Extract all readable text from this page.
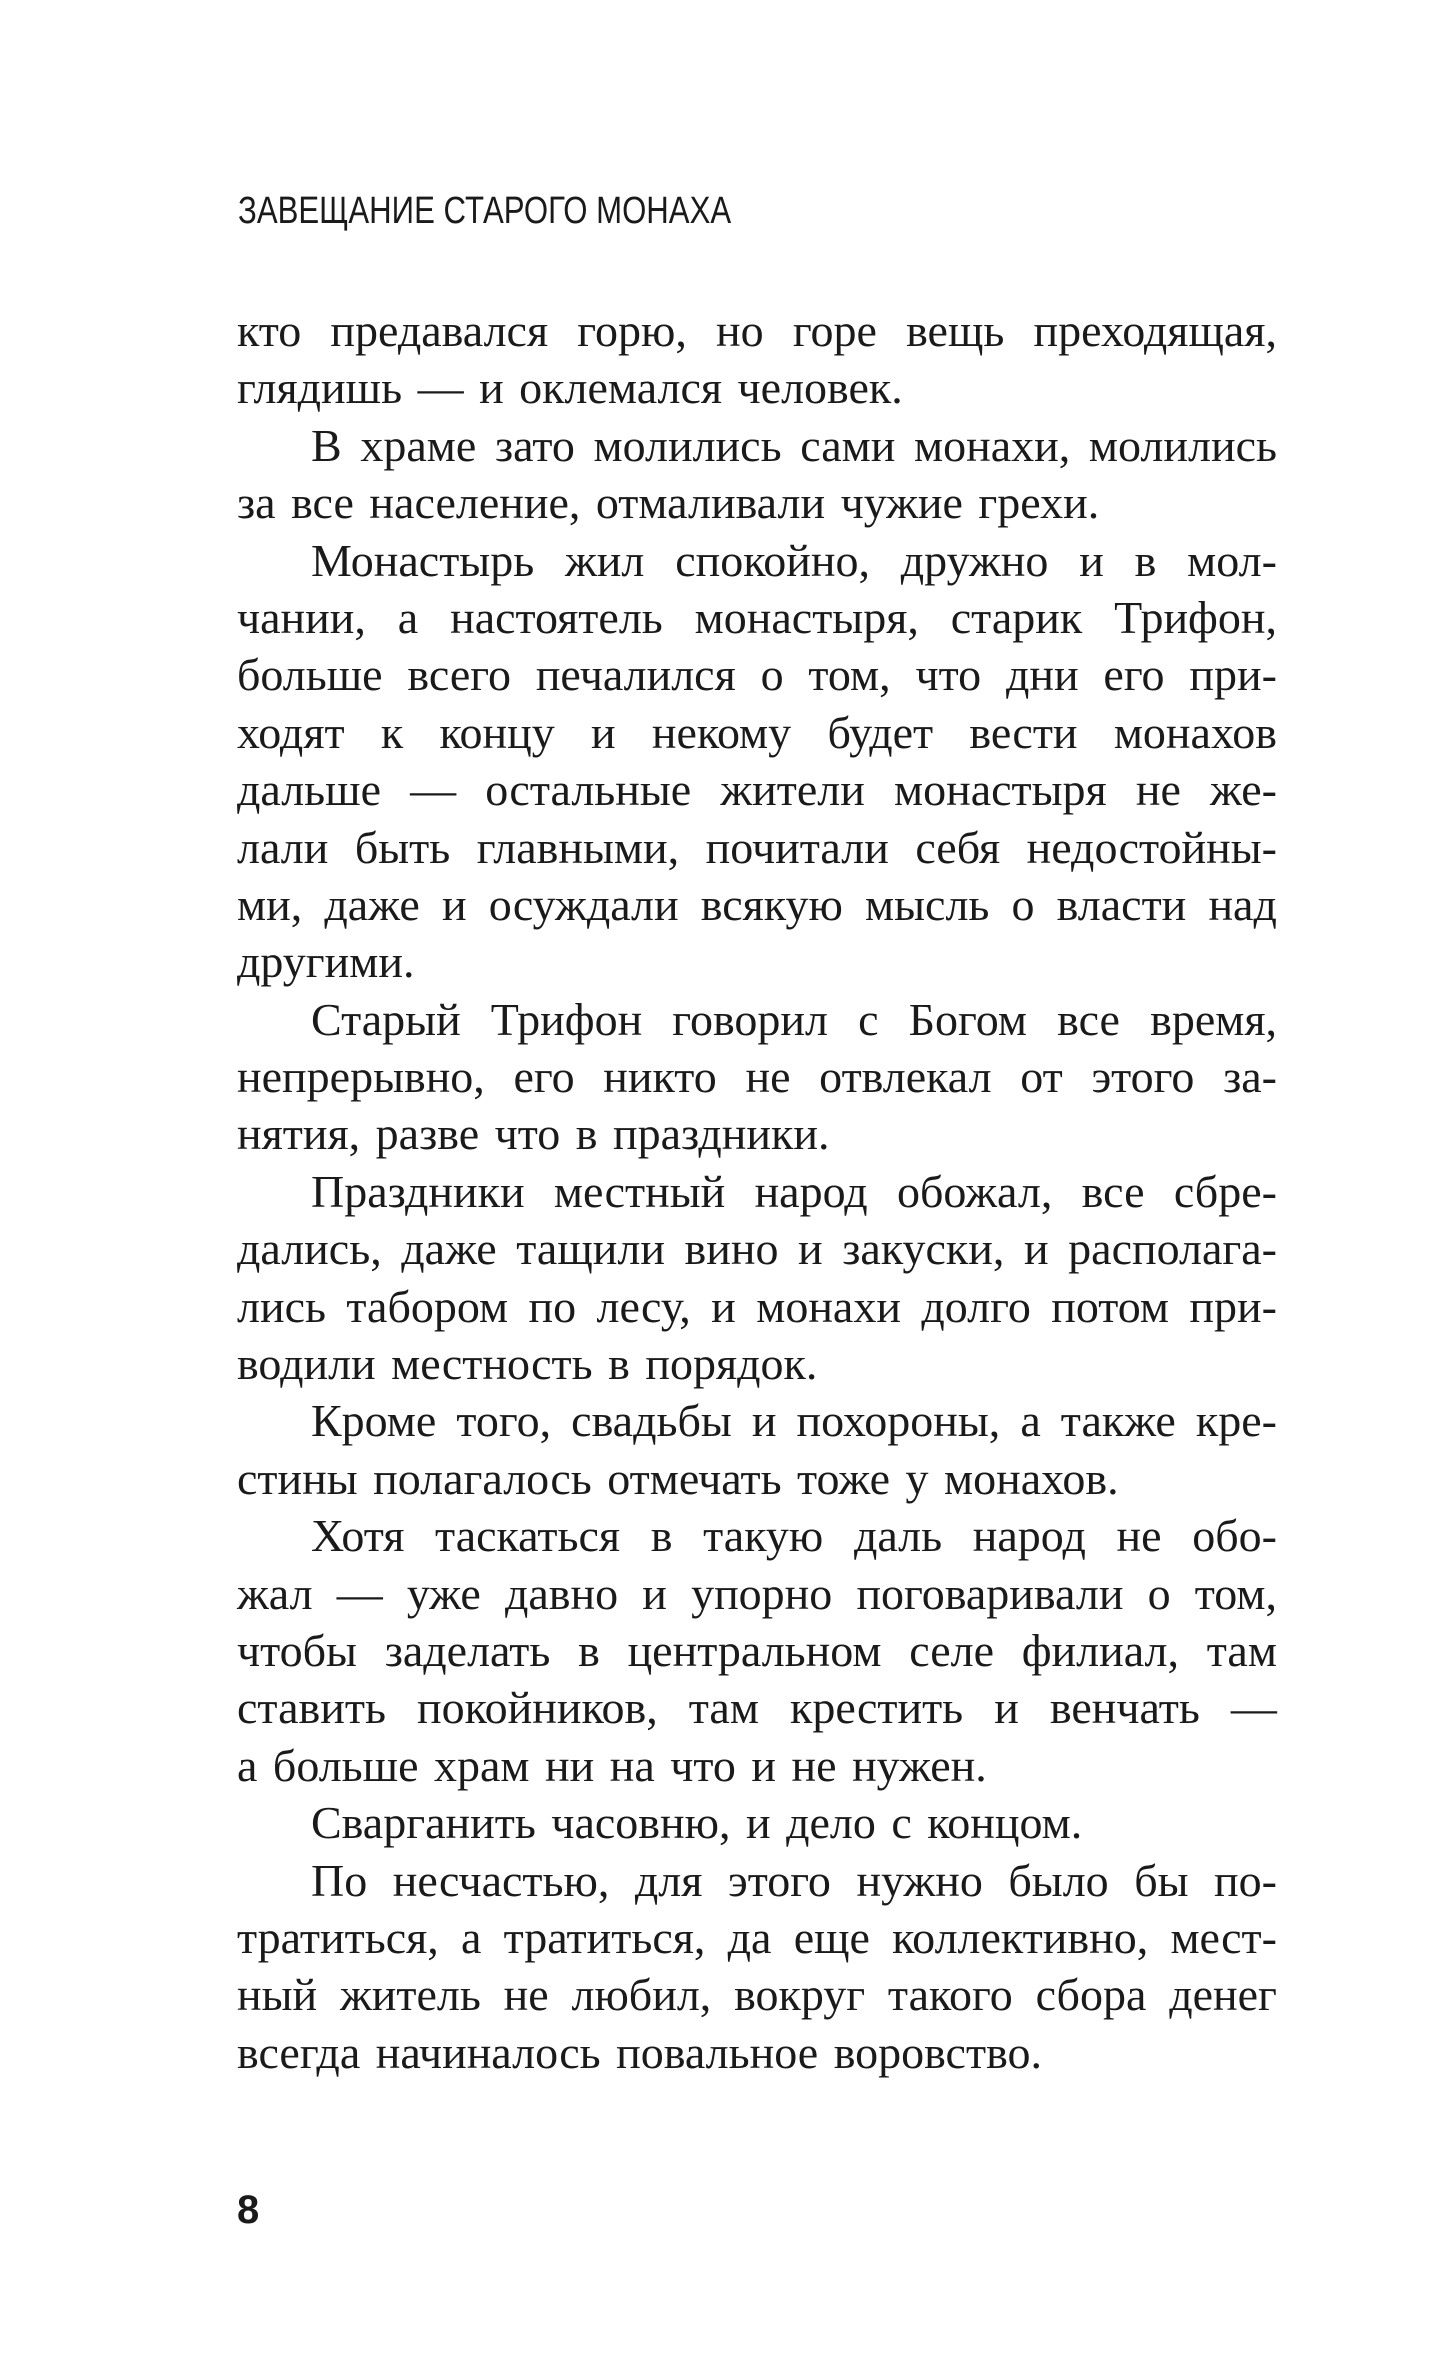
ЗАВЕЩАНИЕ СТАРОГО МОНАХА
кто предавался горю, но горе вещь преходящая,
глядишь — и оклемался человек.
В храме зато молились сами монахи, молились
за все население, отмаливали чужие грехи.
Монастырь жил спокойно, дружно и в мол-
чании, а настоятель монастыря, старик Трифон,
больше всего печалился о том, что дни его при-
ходят к концу и некому будет вести монахов
дальше — остальные жители монастыря не же-
лали быть главными, почитали себя недостойны-
ми, даже и осуждали всякую мысль о власти над
другими.
Старый Трифон говорил с Богом все время,
непрерывно, его никто не отвлекал от этого за-
нятия, разве что в праздники.
Праздники местный народ обожал, все сбре-
дались, даже тащили вино и закуски, и располага-
лись табором по лесу, и монахи долго потом при-
водили местность в порядок.
Кроме того, свадьбы и похороны, а также кре-
стины полагалось отмечать тоже у монахов.
Хотя таскаться в такую даль народ не обо-
жал — уже давно и упорно поговаривали о том,
чтобы заделать в центральном селе филиал, там
ставить покойников, там крестить и венчать —
а больше храм ни на что и не нужен.
Сварганить часовню, и дело с концом.
По несчастью, для этого нужно было бы по-
тратиться, а тратиться, да еще коллективно, мест-
ный житель не любил, вокруг такого сбора денег
всегда начиналось повальное воровство.
8
